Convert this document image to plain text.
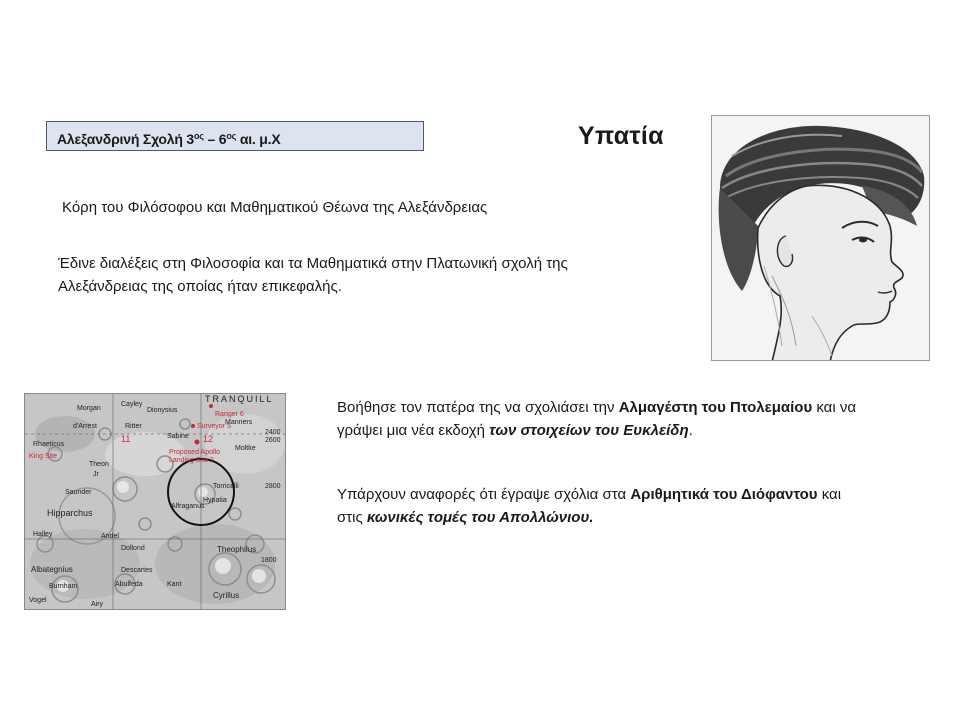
Αλεξανδρινή Σχολή $3^{o\varsigma} - 6^{o\varsigma}$ αι. μ.Χ	Υπατία
Κόρη του Φιλόσοφου και Μαθηματικού Θέωνα της Αλεξάνδρειας
Έδινε διαλέξεις στη Φιλοσοφία και τα Μαθηματικά στην Πλατωνική σχολή της Αλεξάνδρειας της οποίας ήταν επικεφαλής.
Βοήθησε τον πατέρα της να σχολιάσει την Αλμαγέστη του Πτολεμαίου και να γράψει μια νέα εκδοχή των στοιχείων του Ευκλείδη.
Υπάρχουν αναφορές ότι έγραψε σχόλια στα Αριθμητικά του Διόφαντου και στις κωνικές τομές του Απολλώνιου.
TRANQUILL
Ranger 6
Surveyor 5
Proposed Apollo
Landing Site 2
11	12
Morgan
Cayley
Dionysius
d'Arrest	Ritter
Sabine
Moltke
Manners
2400
2600
2800
Theon
Jr
Saunder
Hypatia
Torricelli
Hipparchus
Alfraganus
Halley	Andel
Dollond
Descartes
Albategnius
Abulfeda
Burnham
Theophilus
Cyrillus
Vogel
Kant
Rhaeticus
King Site
Airy
1800
